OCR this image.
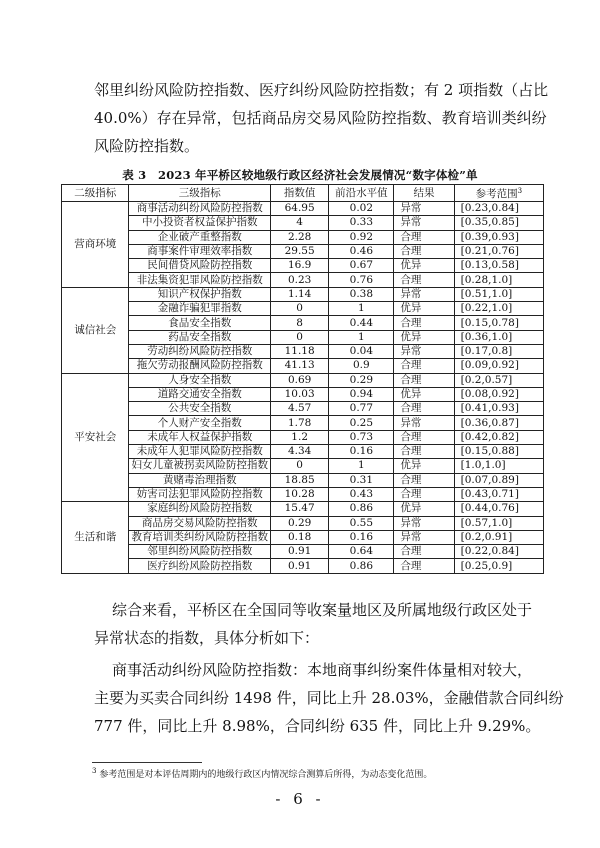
邻里纠纷风险防控指数、医疗纠纷风险防控指数；有 2 项指数（占比
40.0%）存在异常，包括商品房交易风险防控指数、教育培训类纠纷
风险防控指数。
表 3　2023 年平桥区较地级行政区经济社会发展情况“数字体检”单
二级指标	三级指标	指数值	前沿水平值	结果	参考范围$^3$
营商环境	商事活动纠纷风险防控指数	64.95	0.02	异常	[0.23,0.84]
	中小投资者权益保护指数	4	0.33	异常	[0.35,0.85]
	企业破产重整指数	2.28	0.92	合理	[0.39,0.93]
	商事案件审理效率指数	29.55	0.46	合理	[0.21,0.76]
	民间借贷风险防控指数	16.9	0.67	优异	[0.13,0.58]
	非法集资犯罪风险防控指数	0.23	0.76	合理	[0.28,1.0]
诚信社会	知识产权保护指数	1.14	0.38	异常	[0.51,1.0]
	金融诈骗犯罪指数	0	1	优异	[0.22,1.0]
	食品安全指数	8	0.44	合理	[0.15,0.78]
	药品安全指数	0	1	优异	[0.36,1.0]
	劳动纠纷风险防控指数	11.18	0.04	异常	[0.17,0.8]
	拖欠劳动报酬风险防控指数	41.13	0.9	合理	[0.09,0.92]
平安社会	人身安全指数	0.69	0.29	合理	[0.2,0.57]
	道路交通安全指数	10.03	0.94	优异	[0.08,0.92]
	公共安全指数	4.57	0.77	合理	[0.41,0.93]
	个人财产安全指数	1.78	0.25	异常	[0.36,0.87]
	未成年人权益保护指数	1.2	0.73	合理	[0.42,0.82]
	未成年人犯罪风险防控指数	4.34	0.16	合理	[0.15,0.88]
	妇女儿童被拐卖风险防控指数	0	1	优异	[1.0,1.0]
	黄赌毒治理指数	18.85	0.31	合理	[0.07,0.89]
	妨害司法犯罪风险防控指数	10.28	0.43	合理	[0.43,0.71]
生活和谐	家庭纠纷风险防控指数	15.47	0.86	优异	[0.44,0.76]
	商品房交易风险防控指数	0.29	0.55	异常	[0.57,1.0]
	教育培训类纠纷风险防控指数	0.18	0.16	异常	[0.2,0.91]
	邻里纠纷风险防控指数	0.91	0.64	合理	[0.22,0.84]
	医疗纠纷风险防控指数	0.91	0.86	合理	[0.25,0.9]
综合来看，平桥区在全国同等收案量地区及所属地级行政区处于
异常状态的指数，具体分析如下：
商事活动纠纷风险防控指数：本地商事纠纷案件体量相对较大，
主要为买卖合同纠纷 1498 件，同比上升 28.03%，金融借款合同纠纷
777 件，同比上升 8.98%，合同纠纷 635 件，同比上升 9.29%。
$^3$ 参考范围是对本评估周期内的地级行政区内情况综合测算后所得，为动态变化范围。
- 6 -
